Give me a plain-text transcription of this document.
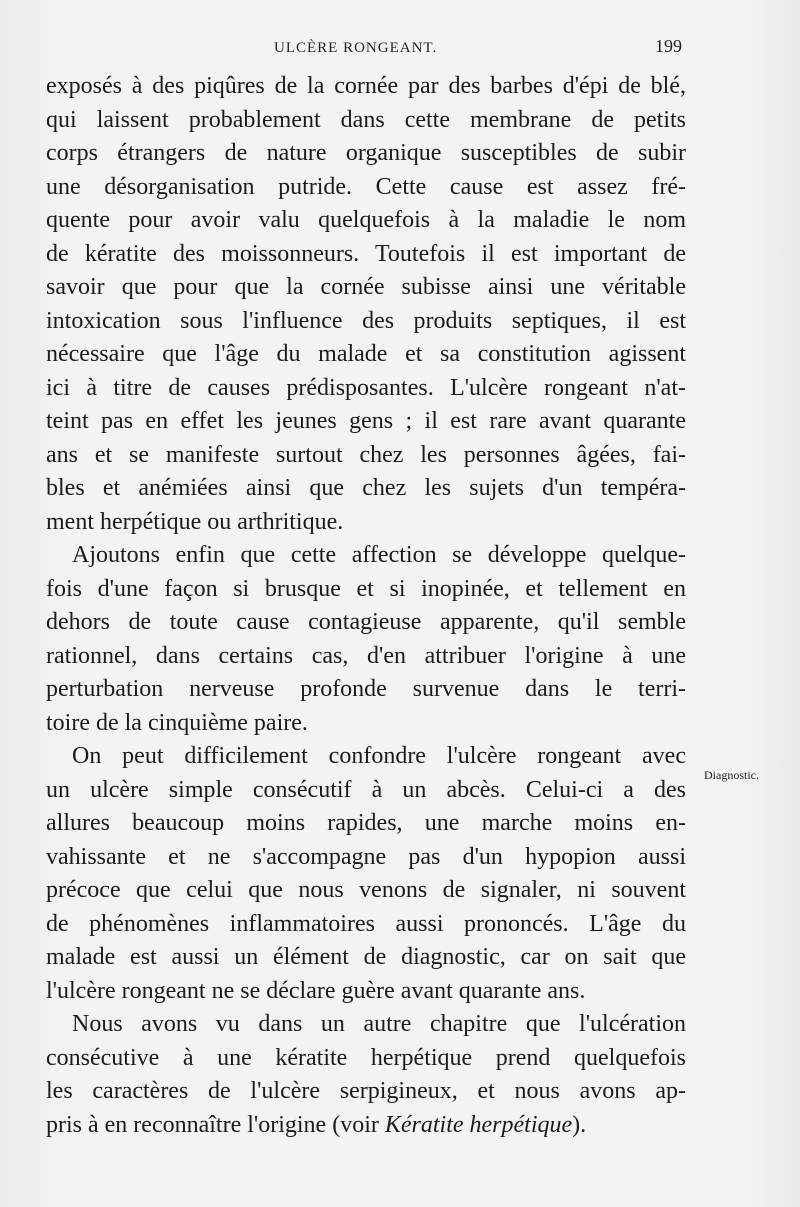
ULCÈRE RONGEANT.	199
Diagnostic.
exposés à des piqûres de la cornée par des barbes d'épi de blé,
qui laissent probablement dans cette membrane de petits
corps étrangers de nature organique susceptibles de subir
une désorganisation putride. Cette cause est assez fré-
quente pour avoir valu quelquefois à la maladie le nom
de kératite des moissonneurs. Toutefois il est important de
savoir que pour que la cornée subisse ainsi une véritable
intoxication sous l'influence des produits septiques, il est
nécessaire que l'âge du malade et sa constitution agissent
ici à titre de causes prédisposantes. L'ulcère rongeant n'at-
teint pas en effet les jeunes gens ; il est rare avant quarante
ans et se manifeste surtout chez les personnes âgées, fai-
bles et anémiées ainsi que chez les sujets d'un tempéra-
ment herpétique ou arthritique.
Ajoutons enfin que cette affection se développe quelque-
fois d'une façon si brusque et si inopinée, et tellement en
dehors de toute cause contagieuse apparente, qu'il semble
rationnel, dans certains cas, d'en attribuer l'origine à une
perturbation nerveuse profonde survenue dans le terri-
toire de la cinquième paire.
On peut difficilement confondre l'ulcère rongeant avec
un ulcère simple consécutif à un abcès. Celui-ci a des
allures beaucoup moins rapides, une marche moins en-
vahissante et ne s'accompagne pas d'un hypopion aussi
précoce que celui que nous venons de signaler, ni souvent
de phénomènes inflammatoires aussi prononcés. L'âge du
malade est aussi un élément de diagnostic, car on sait que
l'ulcère rongeant ne se déclare guère avant quarante ans.
Nous avons vu dans un autre chapitre que l'ulcération
consécutive à une kératite herpétique prend quelquefois
les caractères de l'ulcère serpigineux, et nous avons ap-
pris à en reconnaître l'origine (voir Kératite herpétique).
